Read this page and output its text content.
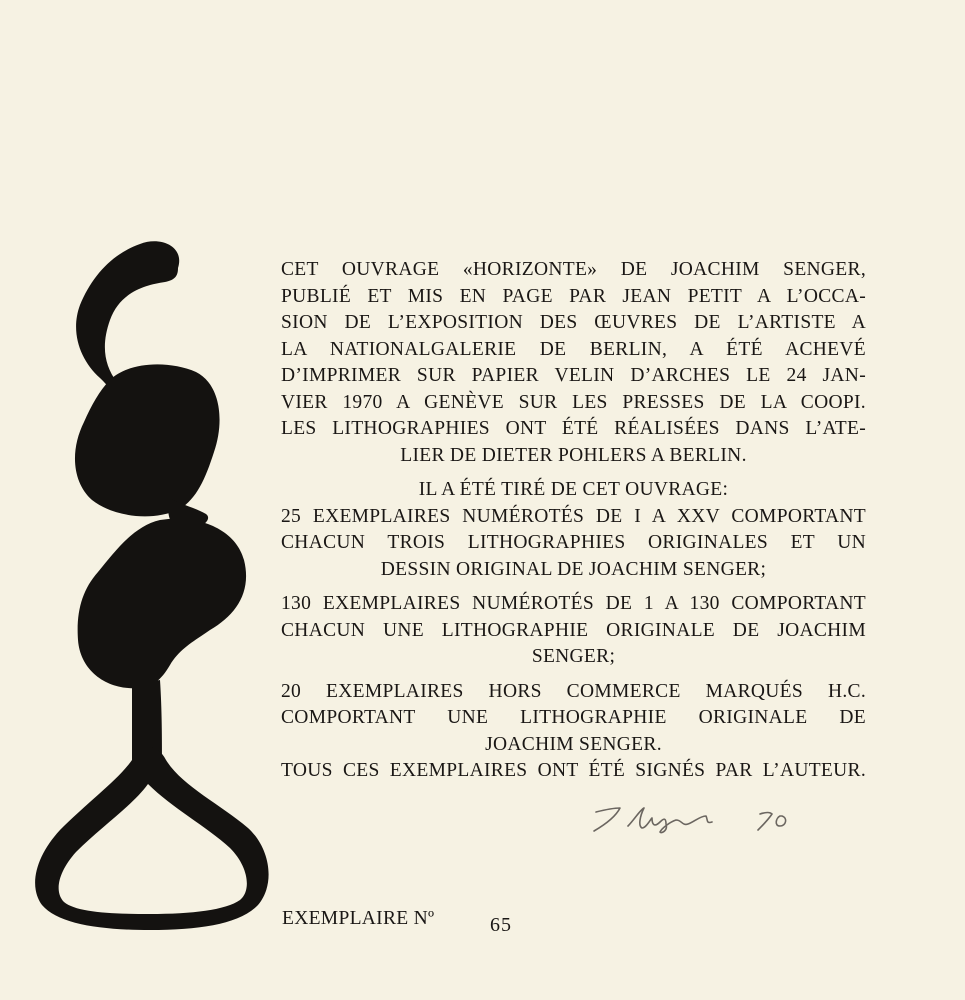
CET OUVRAGE «HORIZONTE» DE JOACHIM SENGER,
PUBLIÉ ET MIS EN PAGE PAR JEAN PETIT A L’OCCA-
SION DE L’EXPOSITION DES ŒUVRES DE L’ARTISTE A
LA NATIONALGALERIE DE BERLIN, A ÉTÉ ACHEVÉ
D’IMPRIMER SUR PAPIER VELIN D’ARCHES LE 24 JAN-
VIER 1970 A GENÈVE SUR LES PRESSES DE LA COOPI.
LES LITHOGRAPHIES ONT ÉTÉ RÉALISÉES DANS L’ATE-
LIER DE DIETER POHLERS A BERLIN.
IL A ÉTÉ TIRÉ DE CET OUVRAGE:
25 EXEMPLAIRES NUMÉROTÉS DE I A XXV COMPORTANT
CHACUN TROIS LITHOGRAPHIES ORIGINALES ET UN
DESSIN ORIGINAL DE JOACHIM SENGER;
130 EXEMPLAIRES NUMÉROTÉS DE 1 A 130 COMPORTANT
CHACUN UNE LITHOGRAPHIE ORIGINALE DE JOACHIM
SENGER;
20 EXEMPLAIRES HORS COMMERCE MARQUÉS H.C.
COMPORTANT UNE LITHOGRAPHIE ORIGINALE DE
JOACHIM SENGER.
TOUS CES EXEMPLAIRES ONT ÉTÉ SIGNÉS PAR L’AUTEUR.
EXEMPLAIRE Nº	65
